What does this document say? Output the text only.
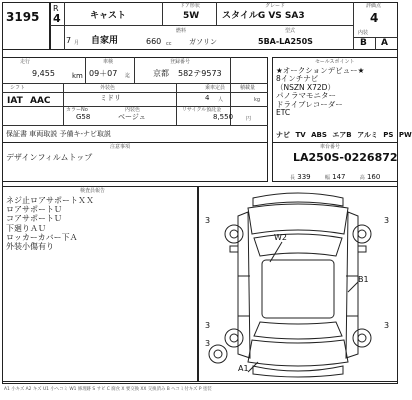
3195
R
4	キャスト
ドア形状
5W
グレード
スタイルG VS SA3
評価点
4
7 月 自家用	660 cc
燃料
ガソリン
型式
5BA-LA250S
内装
B A
走行
9,455 km
車検
09＋07 迄
登録番号
京都 582テ9573
シフト
IAT AAC
外装色
ミドリ
カラーNo
G58
内装色
ベージュ
乗車定員
4 人
積載量
kg
リサイクル預託金
8,550	円
保証書 車両取説 予備キ-ナビ取説
セールスポイント
★オークションデビュー★
8インチナビ
（NSZN X72D）
パノラマモニター
ドライブレコーダー
ETC
ナビ TV ABS エアB アルミ PS PW
注意事項
デザインフィルムトップ
車台番号
LA250S-0226872
長 339	幅 147	高 160
検査員報告
ネジ止ロアサポートＸＸ
ロアサポートＵ
コアサポートＵ
下廻りＡＵ
ロッカーカバー下Ａ
外装小傷有り
3	3
3	3
3
W2
B1
A1
A1 小キズ A2 キズ U1 小ヘコミ W1 修理跡 S サビ C 腐食 X 要交換 XX 交換済み B ヘコミ付キズ P 塗装
